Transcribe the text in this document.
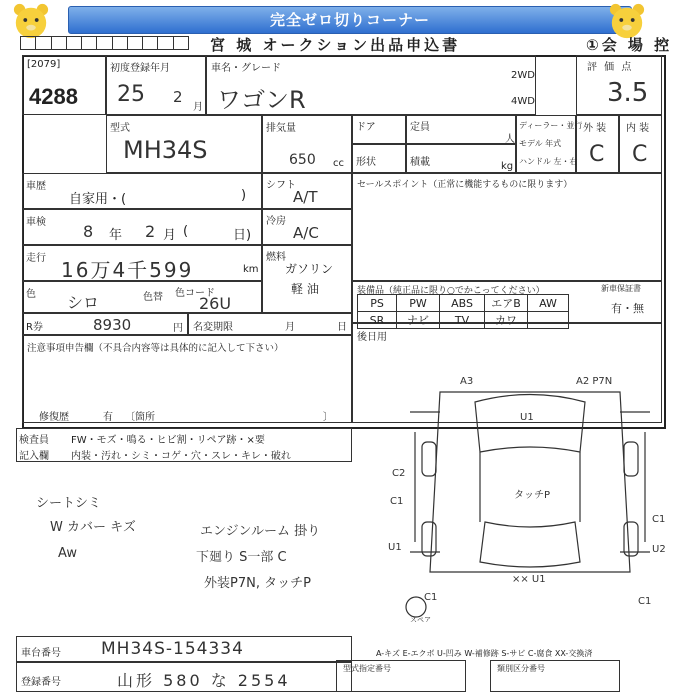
完全ゼロ切りコーナー
宮 城 オークション出品申込書	①会 場 控
[2079]
4288
初度登録年月
25 2
月
車名・グレード
ワゴンR
2WD
4WD
評 価 点
3.5
型式
MH34S
排気量
650 cc
ドア	定員
人
形状	積載	kg
ディーラー・並行
モデル 年式
ハンドル 左・右
外 装
C
内 装
C
車歴
自家用・(	)
車検 8 年 2 月 (	日)
走行 16万4千599	km
色 シロ	色替 色コード
26U
R券	8930	円 名変期限	月	日
シフト
A/T
冷房
A/C
燃料
ガソリン
軽 油
セールスポイント（正常に機能するものに限ります）
装備品（純正品に限り○でかこってください）	新車保証書
PS	PW	ABS	エアB	AW
SR	ナビ	TV	カワ	
有・無
後日用
注意事項申告欄（不具合内容等は具体的に記入して下さい）
修復歴	有 〔箇所	〕
検査員
記入欄
FW・モズ・鳴る・ヒビ割・リペア跡・×要
内装・汚れ・シミ・コゲ・穴・スレ・キレ・破れ
シートシミ
W カバー キズ
Aw
エンジンルーム 掛り
下廻り S一部 C
外装P7N, タッチP
A3	A2 P7N
U1
C2
C1
タッチP
C1
U1	U2
×× U1
C1	C1
スペア
車台番号 MH34S-154334
登録番号	山形 580 な 2554
A-キズ E-エクボ U-凹み W-補修跡 S-サビ C-腐食 XX-交換済
型式指定番号	類別区分番号
